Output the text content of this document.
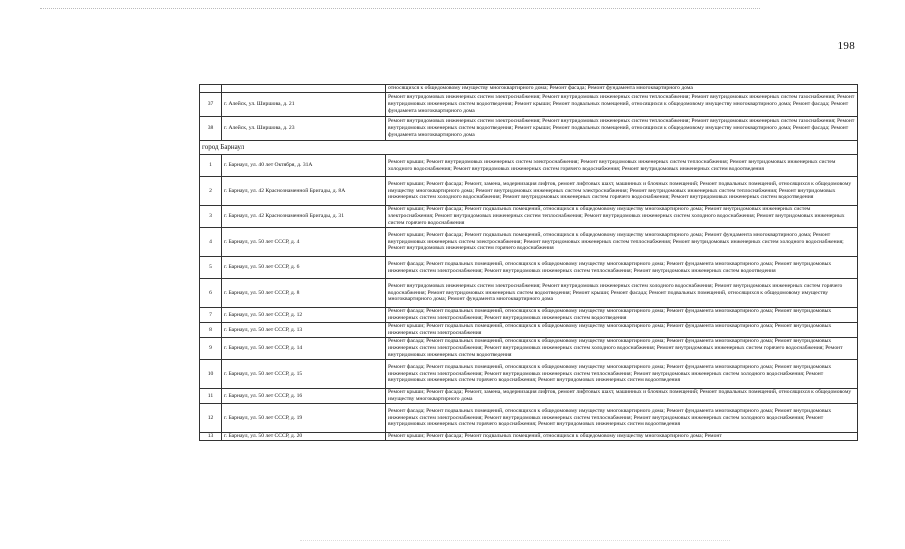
198
		относящихся к общедомовому имуществу многоквартирного дома; Ремонт фасада; Ремонт фундамента многоквартирного дома
37	г. Алейск, ул. Ширшова, д. 21	Ремонт внутридомовых инженерных систем электроснабжения; Ремонт внутридомовых инженерных систем теплоснабжения; Ремонт внутридомовых инженерных систем газоснабжения; Ремонт внутридомовых инженерных систем водоотведения; Ремонт крыши; Ремонт подвальных помещений, относящихся к общедомовому имуществу многоквартирного дома; Ремонт фасада; Ремонт фундамента многоквартирного дома
38	г. Алейск, ул. Ширшова, д. 23	Ремонт внутридомовых инженерных систем электроснабжения; Ремонт внутридомовых инженерных систем теплоснабжения; Ремонт внутридомовых инженерных систем газоснабжения; Ремонт внутридомовых инженерных систем водоотведения; Ремонт крыши; Ремонт подвальных помещений, относящихся к общедомовому имуществу многоквартирного дома; Ремонт фасада; Ремонт фундамента многоквартирного дома
город Барнаул		
1	г. Барнаул, ул. 40 лет Октября, д. 31А	Ремонт крыши; Ремонт внутридомовых инженерных систем электроснабжения; Ремонт внутридомовых инженерных систем теплоснабжения; Ремонт внутридомовых инженерных систем холодного водоснабжения; Ремонт внутридомовых инженерных систем горячего водоснабжения; Ремонт внутридомовых инженерных систем водоотведения
2	г. Барнаул, ул. 42 Краснознаменной Бригады, д. 8А	Ремонт крыши; Ремонт фасада; Ремонт, замена, модернизация лифтов, ремонт лифтовых шахт, машинных и блочных помещений; Ремонт подвальных помещений, относящихся к общедомовому имуществу многоквартирного дома; Ремонт внутридомовых инженерных систем электроснабжения; Ремонт внутридомовых инженерных систем теплоснабжения; Ремонт внутридомовых инженерных систем холодного водоснабжения; Ремонт внутридомовых инженерных систем горячего водоснабжения; Ремонт внутридомовых инженерных систем водоотведения
3	г. Барнаул, ул. 42 Краснознаменной Бригады, д. 31	Ремонт крыши; Ремонт фасада; Ремонт подвальных помещений, относящихся к общедомовому имуществу многоквартирного дома; Ремонт внутридомовых инженерных систем электроснабжения; Ремонт внутридомовых инженерных систем теплоснабжения; Ремонт внутридомовых инженерных систем холодного водоснабжения; Ремонт внутридомовых инженерных систем горячего водоснабжения
4	г. Барнаул, ул. 50 лет СССР, д. 4	Ремонт крыши; Ремонт фасада; Ремонт подвальных помещений, относящихся к общедомовому имуществу многоквартирного дома; Ремонт фундамента многоквартирного дома; Ремонт внутридомовых инженерных систем электроснабжения; Ремонт внутридомовых инженерных систем теплоснабжения; Ремонт внутридомовых инженерных систем холодного водоснабжения; Ремонт внутридомовых инженерных систем горячего водоснабжения
5	г. Барнаул, ул. 50 лет СССР, д. 6	Ремонт фасада; Ремонт подвальных помещений, относящихся к общедомовому имуществу многоквартирного дома; Ремонт фундамента многоквартирного дома; Ремонт внутридомовых инженерных систем электроснабжения; Ремонт внутридомовых инженерных систем теплоснабжения; Ремонт внутридомовых инженерных систем водоотведения
6	г. Барнаул, ул. 50 лет СССР, д. 8	Ремонт внутридомовых инженерных систем электроснабжения; Ремонт внутридомовых инженерных систем холодного водоснабжения; Ремонт внутридомовых инженерных систем горячего водоснабжения; Ремонт внутридомовых инженерных систем водоотведения; Ремонт крыши; Ремонт фасада; Ремонт подвальных помещений, относящихся к общедомовому имуществу многоквартирного дома; Ремонт фундамента многоквартирного дома
7	г. Барнаул, ул. 50 лет СССР, д. 12	Ремонт фасада; Ремонт подвальных помещений, относящихся к общедомовому имуществу многоквартирного дома; Ремонт фундамента многоквартирного дома; Ремонт внутридомовых инженерных систем электроснабжения; Ремонт внутридомовых инженерных систем водоотведения
8	г. Барнаул, ул. 50 лет СССР, д. 13	Ремонт крыши; Ремонт подвальных помещений, относящихся к общедомовому имуществу многоквартирного дома; Ремонт фундамента многоквартирного дома; Ремонт внутридомовых инженерных систем электроснабжения
9	г. Барнаул, ул. 50 лет СССР, д. 14	Ремонт фасада; Ремонт подвальных помещений, относящихся к общедомовому имуществу многоквартирного дома; Ремонт фундамента многоквартирного дома; Ремонт внутридомовых инженерных систем электроснабжения; Ремонт внутридомовых инженерных систем холодного водоснабжения; Ремонт внутридомовых инженерных систем горячего водоснабжения; Ремонт внутридомовых инженерных систем водоотведения
10	г. Барнаул, ул. 50 лет СССР, д. 15	Ремонт фасада; Ремонт подвальных помещений, относящихся к общедомовому имуществу многоквартирного дома; Ремонт фундамента многоквартирного дома; Ремонт внутридомовых инженерных систем электроснабжения; Ремонт внутридомовых инженерных систем теплоснабжения; Ремонт внутридомовых инженерных систем холодного водоснабжения; Ремонт внутридомовых инженерных систем горячего водоснабжения; Ремонт внутридомовых инженерных систем водоотведения
11	г. Барнаул, ул. 50 лет СССР, д. 16	Ремонт крыши; Ремонт фасада; Ремонт, замена, модернизация лифтов, ремонт лифтовых шахт, машинных и блочных помещений; Ремонт подвальных помещений, относящихся к общедомовому имуществу многоквартирного дома
12	г. Барнаул, ул. 50 лет СССР, д. 19	Ремонт фасада; Ремонт подвальных помещений, относящихся к общедомовому имуществу многоквартирного дома; Ремонт фундамента многоквартирного дома; Ремонт внутридомовых инженерных систем электроснабжения; Ремонт внутридомовых инженерных систем теплоснабжения; Ремонт внутридомовых инженерных систем холодного водоснабжения; Ремонт внутридомовых инженерных систем горячего водоснабжения; Ремонт внутридомовых инженерных систем водоотведения
13	г. Барнаул, ул. 50 лет СССР, д. 20	Ремонт крыши; Ремонт фасада; Ремонт подвальных помещений, относящихся к общедомовому имуществу многоквартирного дома; Ремонт
